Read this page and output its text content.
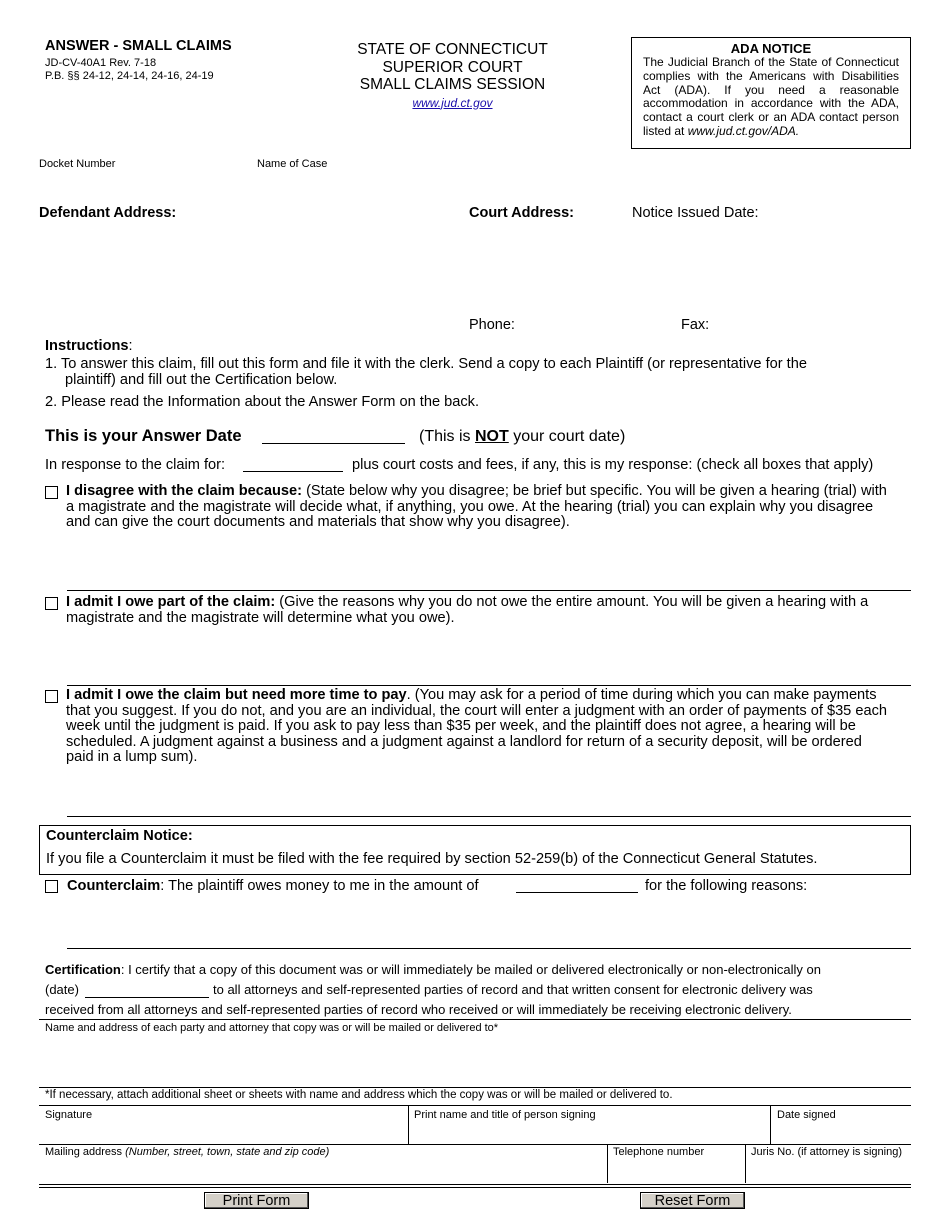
ANSWER - SMALL CLAIMS
JD-CV-40A1 Rev. 7-18
P.B. §§ 24-12, 24-14, 24-16, 24-19
STATE OF CONNECTICUT
SUPERIOR COURT
SMALL CLAIMS SESSION
www.jud.ct.gov
ADA NOTICE
The Judicial Branch of the State of Connecticut complies with the Americans with Disabilities Act (ADA). If you need a reasonable accommodation in accordance with the ADA, contact a court clerk or an ADA contact person listed at www.jud.ct.gov/ADA.
Docket Number	Name of Case
Defendant Address:	Court Address:	Notice Issued Date:
Phone:	Fax:
Instructions:
1. To answer this claim, fill out this form and file it with the clerk. Send a copy to each Plaintiff (or representative for the
plaintiff) and fill out the Certification below.
2. Please read the Information about the Answer Form on the back.
This is your Answer Date	(This is NOT your court date)
In response to the claim for:	plus court costs and fees, if any, this is my response: (check all boxes that apply)
I disagree with the claim because: (State below why you disagree; be brief but specific. You will be given a hearing (trial) with a magistrate and the magistrate will decide what, if anything, you owe. At the hearing (trial) you can explain why you disagree and can give the court documents and materials that show why you disagree).
I admit I owe part of the claim: (Give the reasons why you do not owe the entire amount. You will be given a hearing with a magistrate and the magistrate will determine what you owe).
I admit I owe the claim but need more time to pay. (You may ask for a period of time during which you can make payments that you suggest. If you do not, and you are an individual, the court will enter a judgment with an order of payments of $35 each week until the judgment is paid. If you ask to pay less than $35 per week, and the plaintiff does not agree, a hearing will be scheduled. A judgment against a business and a judgment against a landlord for return of a security deposit, will be ordered paid in a lump sum).
Counterclaim Notice:
If you file a Counterclaim it must be filed with the fee required by section 52-259(b) of the Connecticut General Statutes.
Counterclaim: The plaintiff owes money to me in the amount of	for the following reasons:
Certification: I certify that a copy of this document was or will immediately be mailed or delivered electronically or non-electronically on
(date)	to all attorneys and self-represented parties of record and that written consent for electronic delivery was
received from all attorneys and self-represented parties of record who received or will immediately be receiving electronic delivery.
Name and address of each party and attorney that copy was or will be mailed or delivered to*
*If necessary, attach additional sheet or sheets with name and address which the copy was or will be mailed or delivered to.
Signature	Print name and title of person signing	Date signed
Mailing address (Number, street, town, state and zip code)	Telephone number	Juris No. (if attorney is signing)
Print Form	Reset Form
